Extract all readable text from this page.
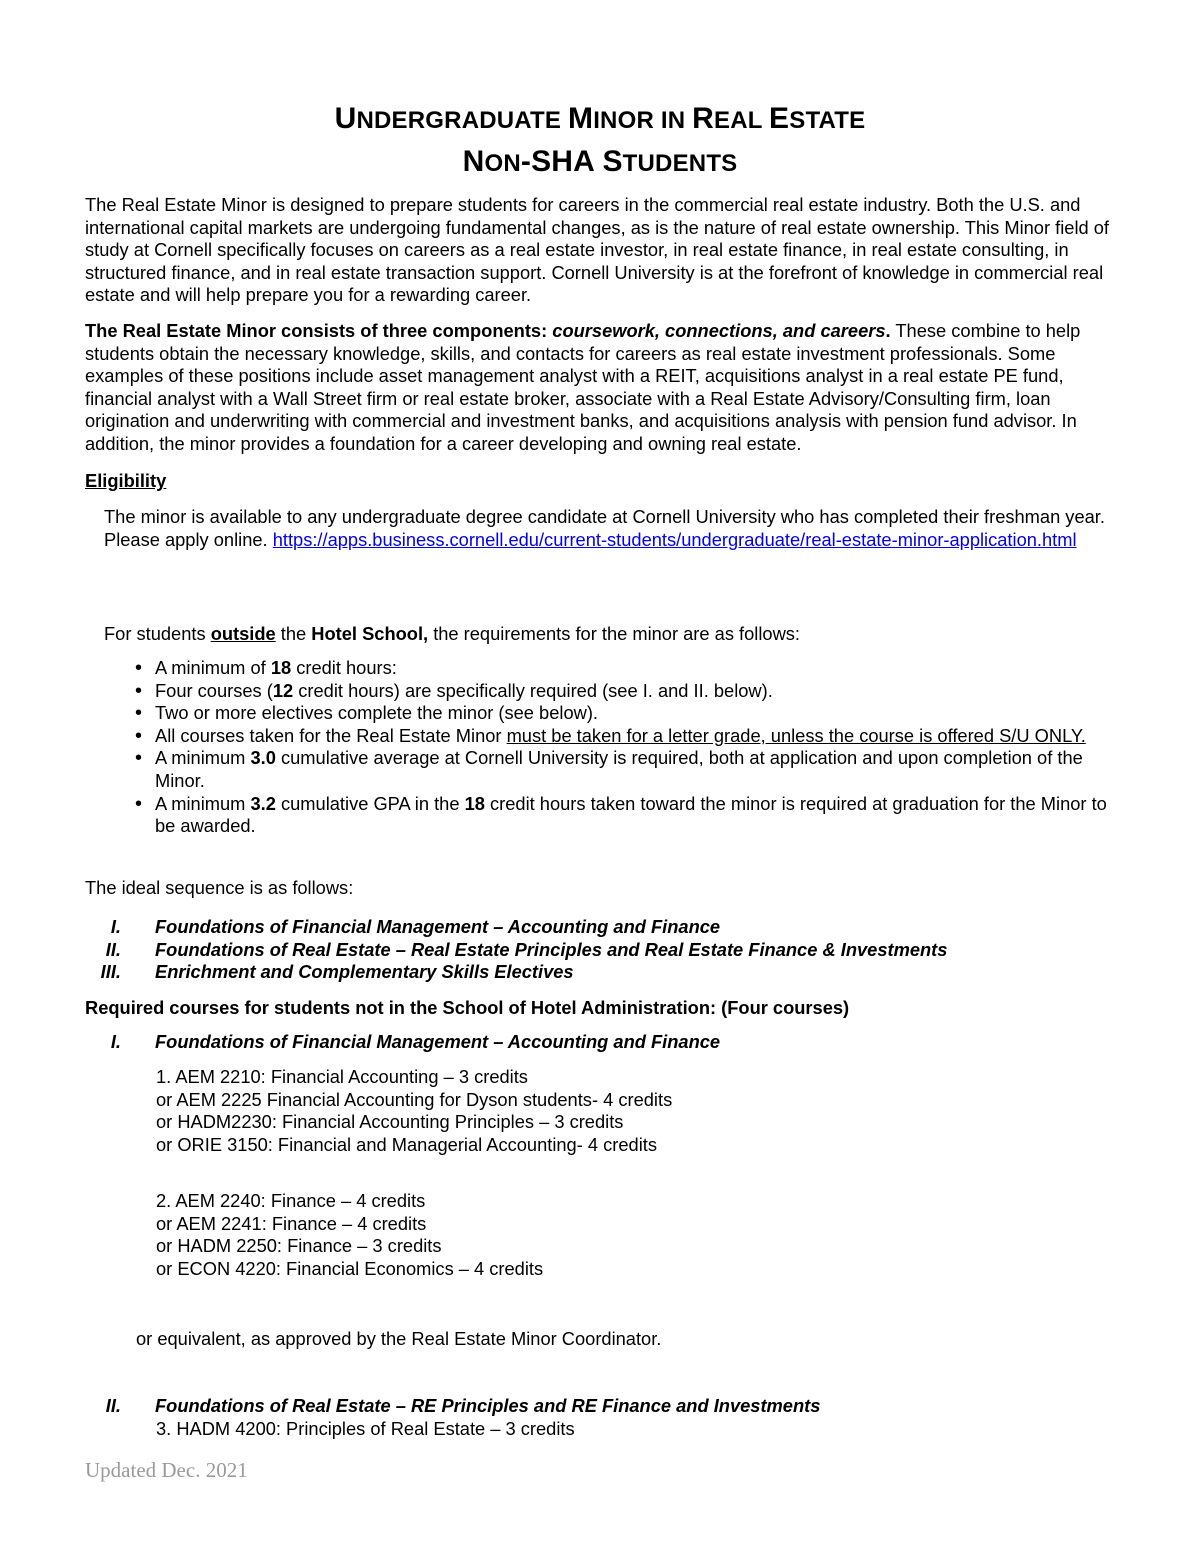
UNDERGRADUATE MINOR IN REAL ESTATE
NON-SHA STUDENTS

The Real Estate Minor is designed to prepare students for careers in the commercial real estate industry. Both the U.S. and international capital markets are undergoing fundamental changes, as is the nature of real estate ownership. This Minor field of study at Cornell specifically focuses on careers as a real estate investor, in real estate finance, in real estate consulting, in structured finance, and in real estate transaction support. Cornell University is at the forefront of knowledge in commercial real estate and will help prepare you for a rewarding career.

The Real Estate Minor consists of three components: coursework, connections, and careers. These combine to help students obtain the necessary knowledge, skills, and contacts for careers as real estate investment professionals. Some examples of these positions include asset management analyst with a REIT, acquisitions analyst in a real estate PE fund, financial analyst with a Wall Street firm or real estate broker, associate with a Real Estate Advisory/Consulting firm, loan origination and underwriting with commercial and investment banks, and acquisitions analysis with pension fund advisor. In addition, the minor provides a foundation for a career developing and owning real estate.

Eligibility
The minor is available to any undergraduate degree candidate at Cornell University who has completed their freshman year. Please apply online. https://apps.business.cornell.edu/current-students/undergraduate/real-estate-minor-application.html
For students outside the Hotel School, the requirements for the minor are as follows:
• A minimum of 18 credit hours:
• Four courses (12 credit hours) are specifically required (see I. and II. below).
• Two or more electives complete the minor (see below).
• All courses taken for the Real Estate Minor must be taken for a letter grade, unless the course is offered S/U ONLY.
• A minimum 3.0 cumulative average at Cornell University is required, both at application and upon completion of the Minor.
• A minimum 3.2 cumulative GPA in the 18 credit hours taken toward the minor is required at graduation for the Minor to be awarded.
The ideal sequence is as follows:
I. Foundations of Financial Management – Accounting and Finance
II. Foundations of Real Estate – Real Estate Principles and Real Estate Finance & Investments
III. Enrichment and Complementary Skills Electives
Required courses for students not in the School of Hotel Administration: (Four courses)
I. Foundations of Financial Management – Accounting and Finance
1. AEM 2210: Financial Accounting – 3 credits
or AEM 2225 Financial Accounting for Dyson students- 4 credits
or HADM2230: Financial Accounting Principles – 3 credits
or ORIE 3150: Financial and Managerial Accounting- 4 credits
2. AEM 2240: Finance – 4 credits
or AEM 2241: Finance – 4 credits
or HADM 2250: Finance – 3 credits
or ECON 4220: Financial Economics – 4 credits
or equivalent, as approved by the Real Estate Minor Coordinator.
II. Foundations of Real Estate – RE Principles and RE Finance and Investments
3. HADM 4200: Principles of Real Estate – 3 credits
Updated Dec. 2021
